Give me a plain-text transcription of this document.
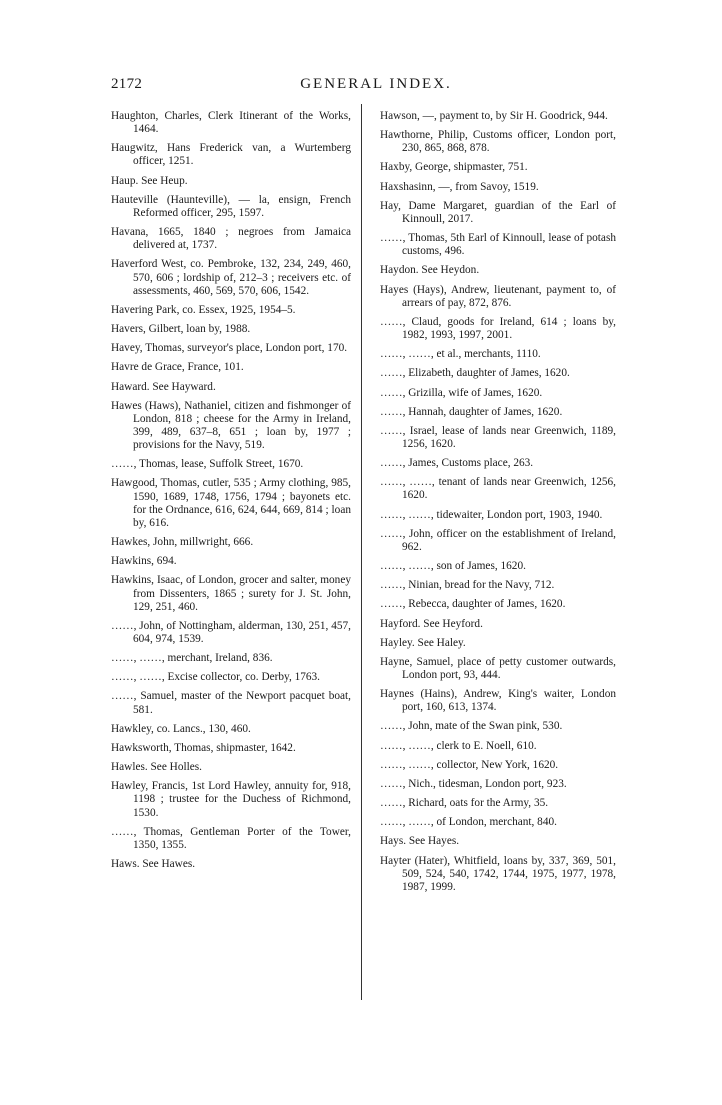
2172	GENERAL INDEX.
Haughton, Charles, Clerk Itinerant of the Works, 1464.
Haugwitz, Hans Frederick van, a Wurtemberg officer, 1251.
Haup. See Heup.
Hauteville (Haunteville), — la, ensign, French Reformed officer, 295, 1597.
Havana, 1665, 1840 ; negroes from Jamaica delivered at, 1737.
Haverford West, co. Pembroke, 132, 234, 249, 460, 570, 606 ; lordship of, 212–3 ; receivers etc. of assessments, 460, 569, 570, 606, 1542.
Havering Park, co. Essex, 1925, 1954–5.
Havers, Gilbert, loan by, 1988.
Havey, Thomas, surveyor's place, London port, 170.
Havre de Grace, France, 101.
Haward. See Hayward.
Hawes (Haws), Nathaniel, citizen and fishmonger of London, 818 ; cheese for the Army in Ireland, 399, 489, 637–8, 651 ; loan by, 1977 ; provisions for the Navy, 519.
……, Thomas, lease, Suffolk Street, 1670.
Hawgood, Thomas, cutler, 535 ; Army clothing, 985, 1590, 1689, 1748, 1756, 1794 ; bayonets etc. for the Ordnance, 616, 624, 644, 669, 814 ; loan by, 616.
Hawkes, John, millwright, 666.
Hawkins, 694.
Hawkins, Isaac, of London, grocer and salter, money from Dissenters, 1865 ; surety for J. St. John, 129, 251, 460.
……, John, of Nottingham, alderman, 130, 251, 457, 604, 974, 1539.
……, ……, merchant, Ireland, 836.
……, ……, Excise collector, co. Derby, 1763.
……, Samuel, master of the Newport pacquet boat, 581.
Hawkley, co. Lancs., 130, 460.
Hawksworth, Thomas, shipmaster, 1642.
Hawles. See Holles.
Hawley, Francis, 1st Lord Hawley, annuity for, 918, 1198 ; trustee for the Duchess of Richmond, 1530.
……, Thomas, Gentleman Porter of the Tower, 1350, 1355.
Haws. See Hawes.
Hawson, —, payment to, by Sir H. Goodrick, 944.
Hawthorne, Philip, Customs officer, London port, 230, 865, 868, 878.
Haxby, George, shipmaster, 751.
Haxshasinn, —, from Savoy, 1519.
Hay, Dame Margaret, guardian of the Earl of Kinnoull, 2017.
……, Thomas, 5th Earl of Kinnoull, lease of potash customs, 496.
Haydon. See Heydon.
Hayes (Hays), Andrew, lieutenant, payment to, of arrears of pay, 872, 876.
……, Claud, goods for Ireland, 614 ; loans by, 1982, 1993, 1997, 2001.
……, ……, et al., merchants, 1110.
……, Elizabeth, daughter of James, 1620.
……, Grizilla, wife of James, 1620.
……, Hannah, daughter of James, 1620.
……, Israel, lease of lands near Greenwich, 1189, 1256, 1620.
……, James, Customs place, 263.
……, ……, tenant of lands near Greenwich, 1256, 1620.
……, ……, tidewaiter, London port, 1903, 1940.
……, John, officer on the establishment of Ireland, 962.
……, ……, son of James, 1620.
……, Ninian, bread for the Navy, 712.
……, Rebecca, daughter of James, 1620.
Hayford. See Heyford.
Hayley. See Haley.
Hayne, Samuel, place of petty customer outwards, London port, 93, 444.
Haynes (Hains), Andrew, King's waiter, London port, 160, 613, 1374.
……, John, mate of the Swan pink, 530.
……, ……, clerk to E. Noell, 610.
……, ……, collector, New York, 1620.
……, Nich., tidesman, London port, 923.
……, Richard, oats for the Army, 35.
……, ……, of London, merchant, 840.
Hays. See Hayes.
Hayter (Hater), Whitfield, loans by, 337, 369, 501, 509, 524, 540, 1742, 1744, 1975, 1977, 1978, 1987, 1999.
